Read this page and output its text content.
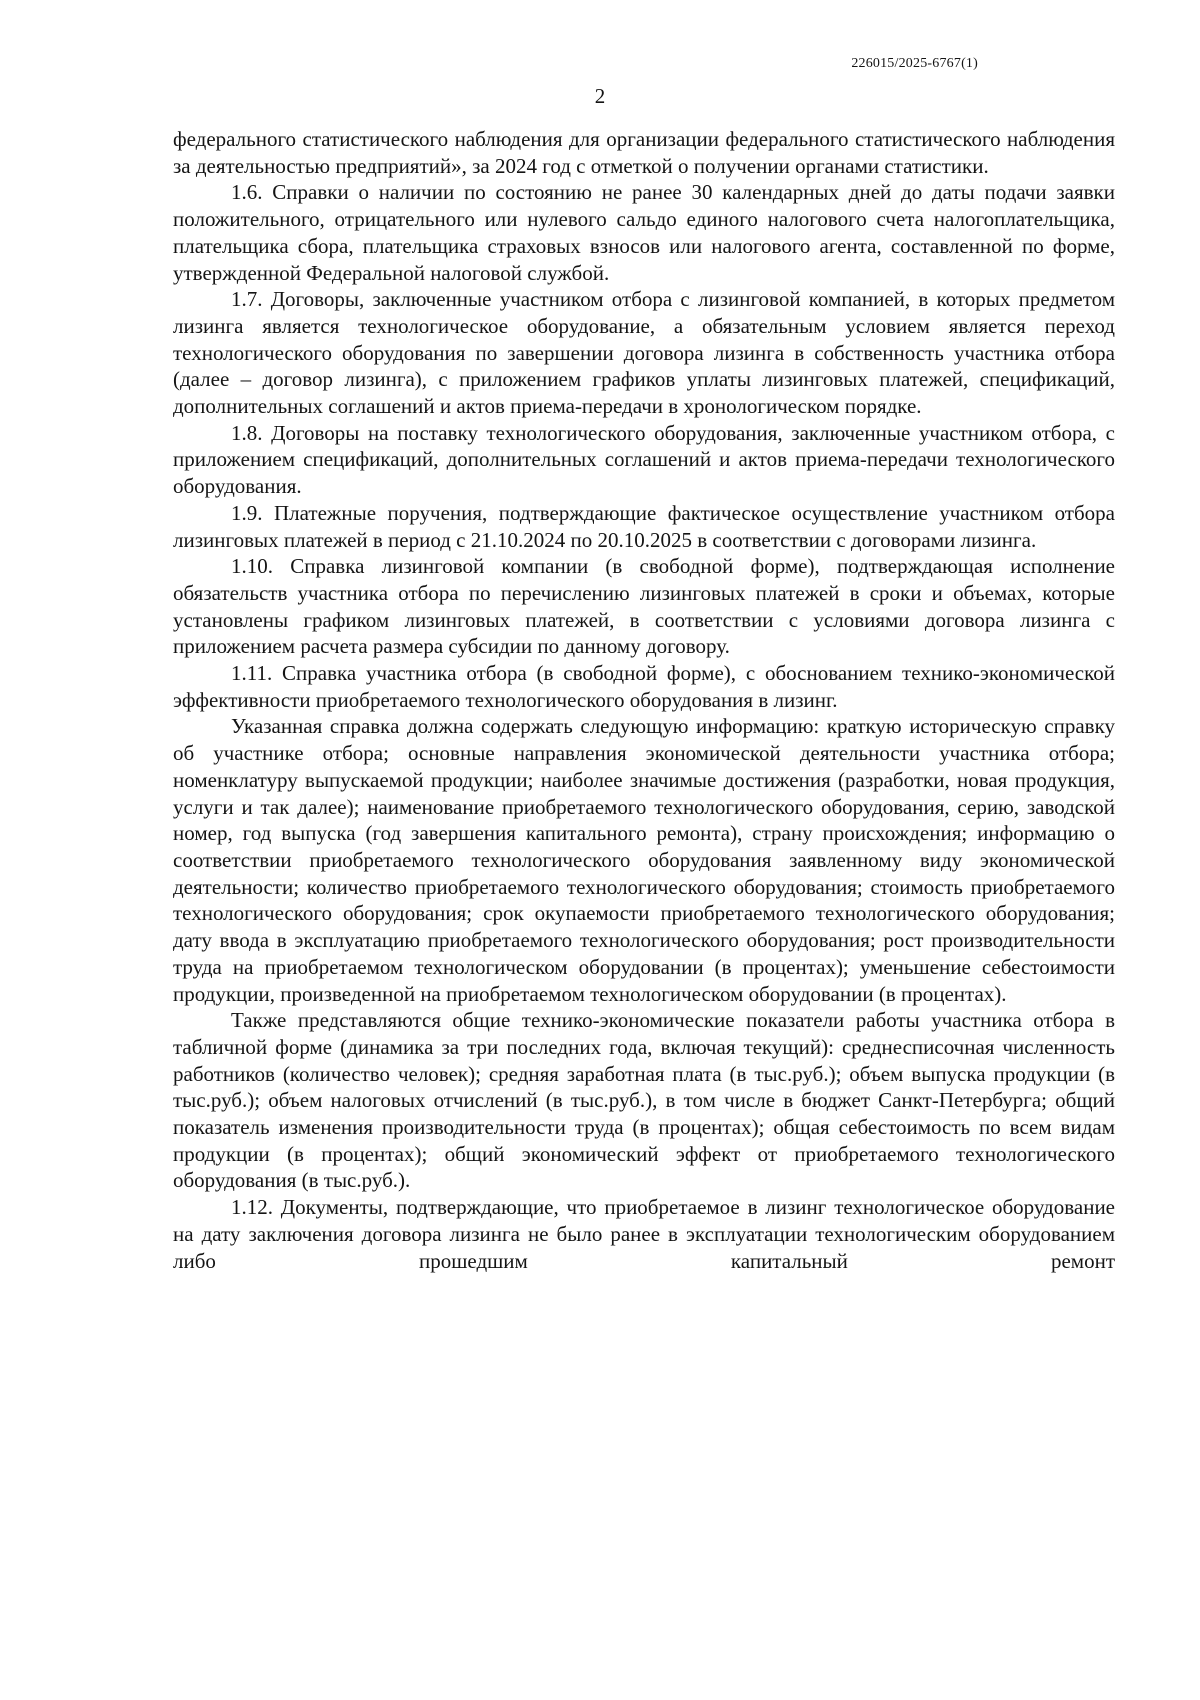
226015/2025-6767(1)
2

федерального статистического наблюдения для организации федерального статистического наблюдения за деятельностью предприятий», за 2024 год с отметкой о получении органами статистики.

1.6. Справки о наличии по состоянию не ранее 30 календарных дней до даты подачи заявки положительного, отрицательного или нулевого сальдо единого налогового счета налогоплательщика, плательщика сбора, плательщика страховых взносов или налогового агента, составленной по форме, утвержденной Федеральной налоговой службой.

1.7. Договоры, заключенные участником отбора с лизинговой компанией, в которых предметом лизинга является технологическое оборудование, а обязательным условием является переход технологического оборудования по завершении договора лизинга в собственность участника отбора (далее – договор лизинга), с приложением графиков уплаты лизинговых платежей, спецификаций, дополнительных соглашений и актов приема-передачи в хронологическом порядке.

1.8. Договоры на поставку технологического оборудования, заключенные участником отбора, с приложением спецификаций, дополнительных соглашений и актов приема-передачи технологического оборудования.

1.9. Платежные поручения, подтверждающие фактическое осуществление участником отбора лизинговых платежей в период с 21.10.2024 по 20.10.2025 в соответствии с договорами лизинга.

1.10. Справка лизинговой компании (в свободной форме), подтверждающая исполнение обязательств участника отбора по перечислению лизинговых платежей в сроки и объемах, которые установлены графиком лизинговых платежей, в соответствии с условиями договора лизинга с приложением расчета размера субсидии по данному договору.

1.11. Справка участника отбора (в свободной форме), с обоснованием технико-экономической эффективности приобретаемого технологического оборудования в лизинг.

Указанная справка должна содержать следующую информацию: краткую историческую справку об участнике отбора; основные направления экономической деятельности участника отбора; номенклатуру выпускаемой продукции; наиболее значимые достижения (разработки, новая продукция, услуги и так далее); наименование приобретаемого технологического оборудования, серию, заводской номер, год выпуска (год завершения капитального ремонта), страну происхождения; информацию о соответствии приобретаемого технологического оборудования заявленному виду экономической деятельности; количество приобретаемого технологического оборудования; стоимость приобретаемого технологического оборудования; срок окупаемости приобретаемого технологического оборудования; дату ввода в эксплуатацию приобретаемого технологического оборудования; рост производительности труда на приобретаемом технологическом оборудовании (в процентах); уменьшение себестоимости продукции, произведенной на приобретаемом технологическом оборудовании (в процентах).

Также представляются общие технико-экономические показатели работы участника отбора в табличной форме (динамика за три последних года, включая текущий): среднесписочная численность работников (количество человек); средняя заработная плата (в тыс.руб.); объем выпуска продукции (в тыс.руб.); объем налоговых отчислений (в тыс.руб.), в том числе в бюджет Санкт-Петербурга; общий показатель изменения производительности труда (в процентах); общая себестоимость по всем видам продукции (в процентах); общий экономический эффект от приобретаемого технологического оборудования (в тыс.руб.).

1.12. Документы, подтверждающие, что приобретаемое в лизинг технологическое оборудование на дату заключения договора лизинга не было ранее в эксплуатации технологическим оборудованием либо прошедшим капитальный ремонт
